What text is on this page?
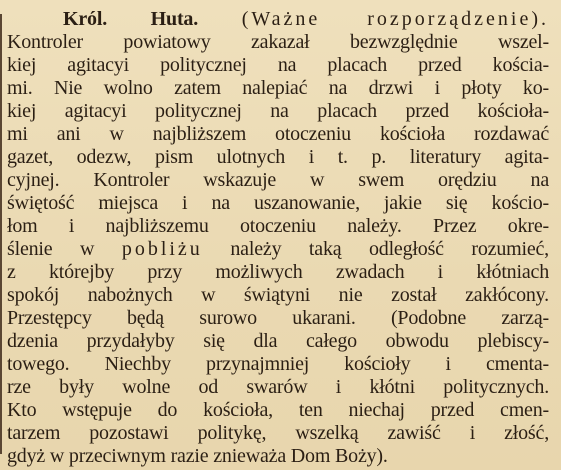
Król. Huta. (Ważne rozporządzenie).
Kontroler powiatowy zakazał bezwzględnie wszel-
kiej agitacyi politycznej na placach przed kościa-
mi. Nie wolno zatem nalepiać na drzwi i płoty ko-
kiej agitacyi politycznej na placach przed kościoła-
mi ani w najbliższem otoczeniu kościoła rozdawać
gazet, odezw, pism ulotnych i t. p. literatury agita-
cyjnej. Kontroler wskazuje w swem orędziu na
świętość miejsca i na uszanowanie, jakie się kościo-
łom i najbliższemu otoczeniu należy. Przez okre-
ślenie w pobliżu należy taką odległość rozumieć,
z którejby przy możliwych zwadach i kłótniach
spokój nabożnych w świątyni nie został zakłócony.
Przestępcy będą surowo ukarani. (Podobne zarzą-
dzenia przydałyby się dla całego obwodu plebiscy-
towego. Niechby przynajmniej kościoły i cmenta-
rze były wolne od swarów i kłótni politycznych.
Kto wstępuje do kościoła, ten niechaj przed cmen-
tarzem pozostawi politykę, wszelką zawiść i złość,
gdyż w przeciwnym razie znieważa Dom Boży).
